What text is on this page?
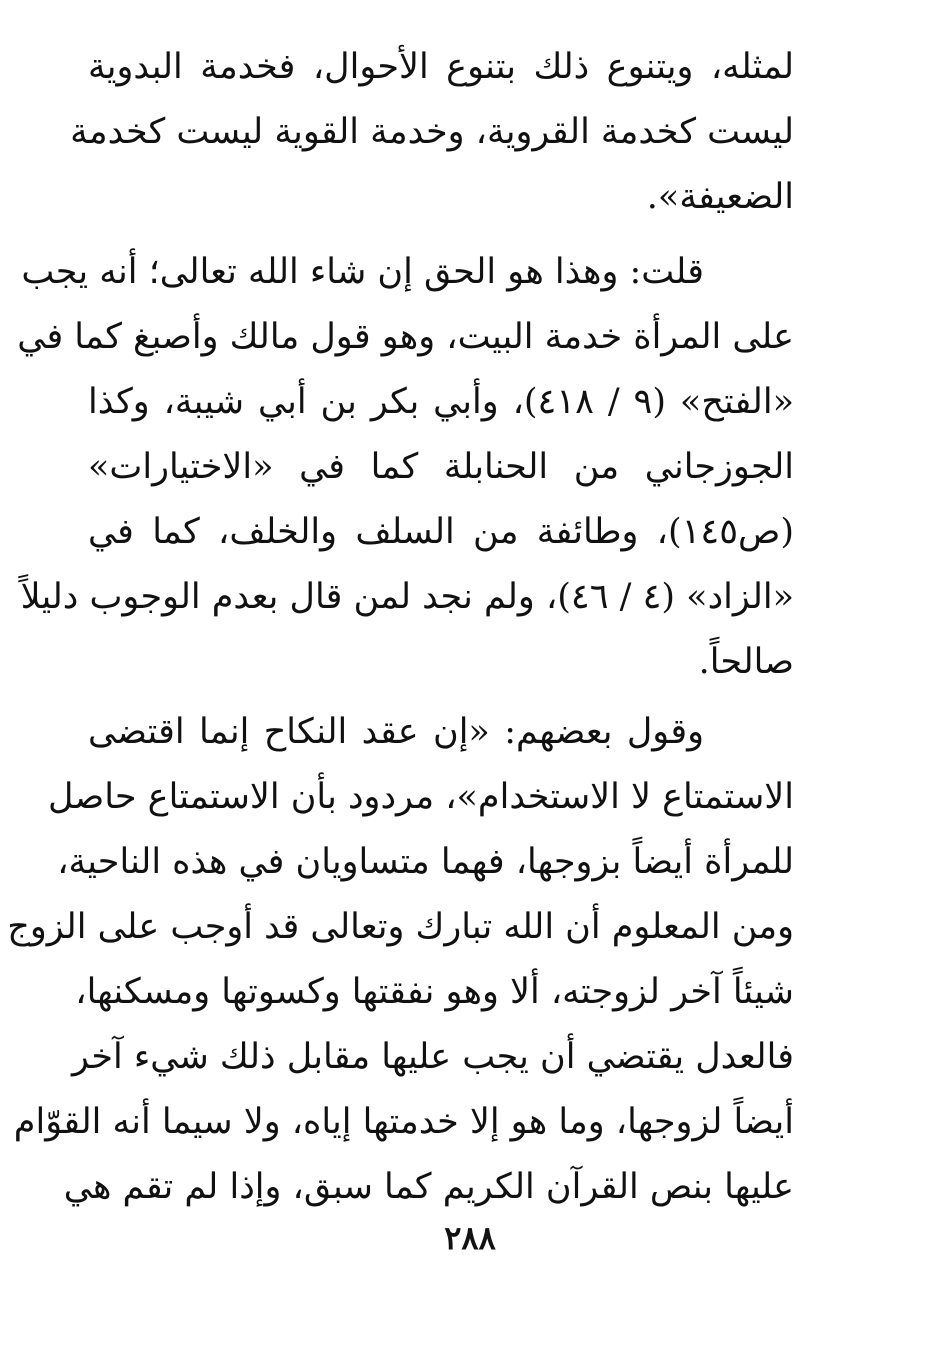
لمثله، ويتنوع ذلك بتنوع الأحوال، فخدمة البدوية
ليست كخدمة القروية، وخدمة القوية ليست كخدمة
الضعيفة».
قلت: وهذا هو الحق إن شاء الله تعالى؛ أنه يجب
على المرأة خدمة البيت، وهو قول مالك وأصبغ كما في
«الفتح» (٩ / ٤١٨)، وأبي بكر بن أبي شيبة، وكذا
الجوزجاني من الحنابلة كما في «الاختيارات»
(ص١٤٥)، وطائفة من السلف والخلف، كما في
«الزاد» (٤ / ٤٦)، ولم نجد لمن قال بعدم الوجوب دليلاً
صالحاً.
وقول بعضهم: «إن عقد النكاح إنما اقتضى
الاستمتاع لا الاستخدام»، مردود بأن الاستمتاع حاصل
للمرأة أيضاً بزوجها، فهما متساويان في هذه الناحية،
ومن المعلوم أن الله تبارك وتعالى قد أوجب على الزوج
شيئاً آخر لزوجته، ألا وهو نفقتها وكسوتها ومسكنها،
فالعدل يقتضي أن يجب عليها مقابل ذلك شيء آخر
أيضاً لزوجها، وما هو إلا خدمتها إياه، ولا سيما أنه القوّام
عليها بنص القرآن الكريم كما سبق، وإذا لم تقم هي
٢٨٨
